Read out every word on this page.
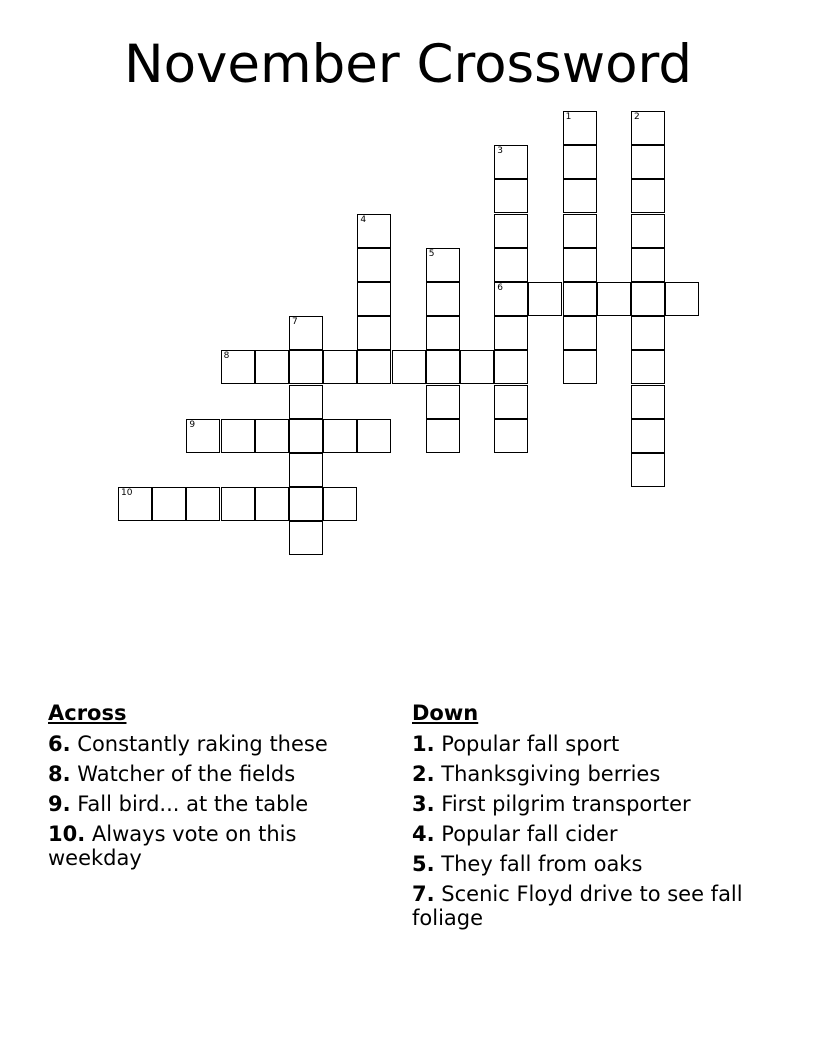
November Crossword
1	2
3
6
4
5
7
8
9
10
Across
6. Constantly raking these
8. Watcher of the fields
9. Fall bird... at the table
10. Always vote on this weekday
Down
1. Popular fall sport
2. Thanksgiving berries
3. First pilgrim transporter
4. Popular fall cider
5. They fall from oaks
7. Scenic Floyd drive to see fall foliage
